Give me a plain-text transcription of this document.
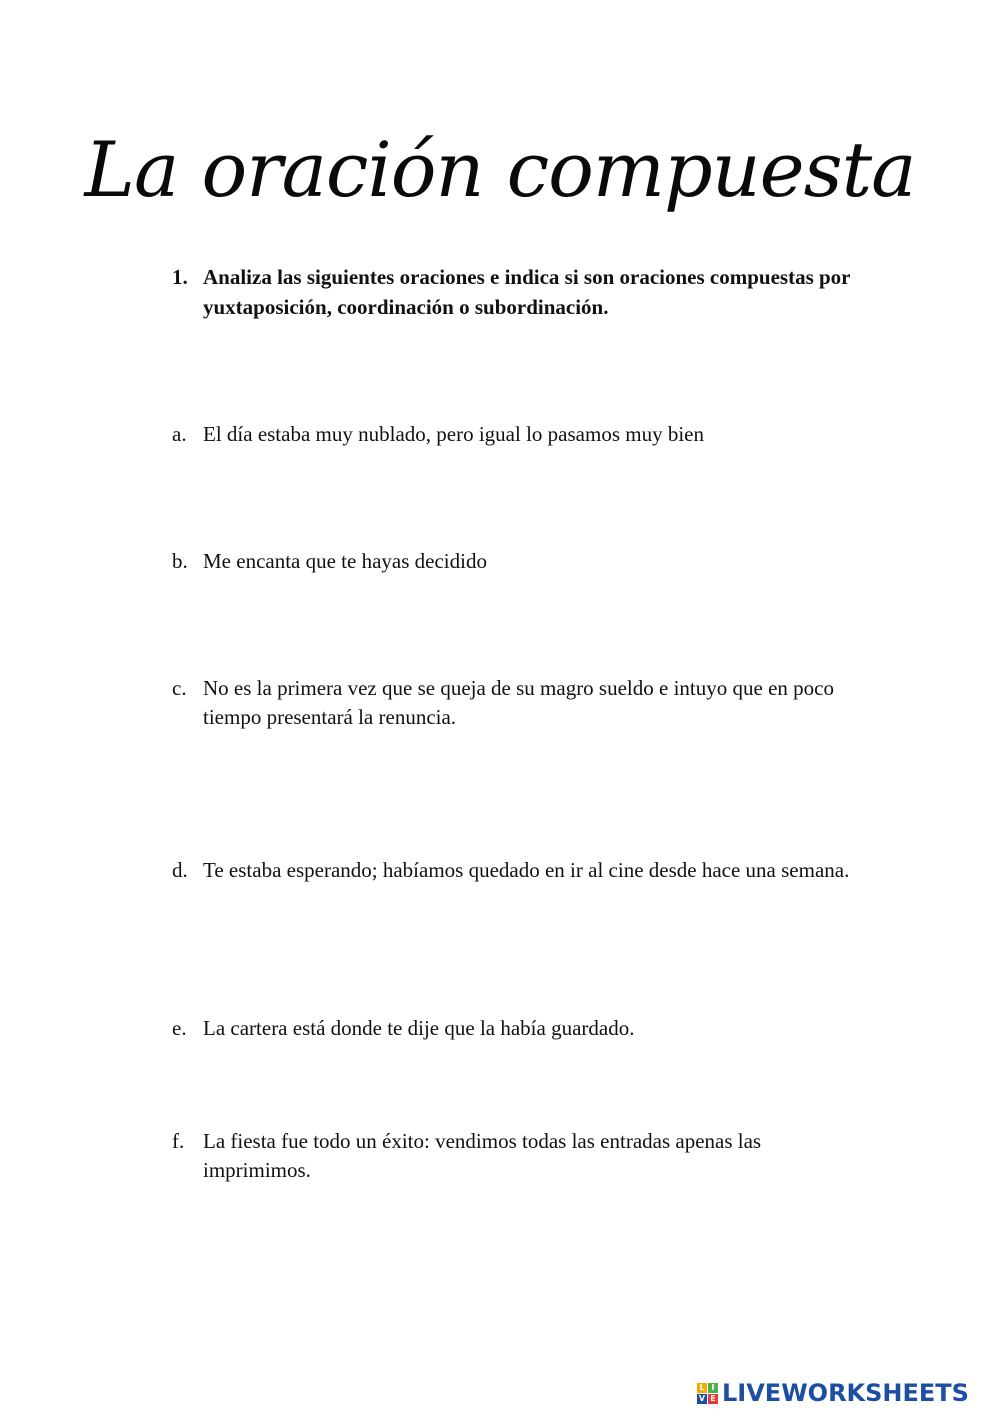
La oración compuesta
1. Analiza las siguientes oraciones e indica si son oraciones compuestas por yuxtaposición, coordinación o subordinación.
a. El día estaba muy nublado, pero igual lo pasamos muy bien
b. Me encanta que te hayas decidido
c. No es la primera vez que se queja de su magro sueldo e intuyo que en poco tiempo presentará la renuncia.
d. Te estaba esperando; habíamos quedado en ir al cine desde hace una semana.
e. La cartera está donde te dije que la había guardado.
f. La fiesta fue todo un éxito: vendimos todas las entradas apenas las imprimimos.
L I
V E LIVEWORKSHEETS
